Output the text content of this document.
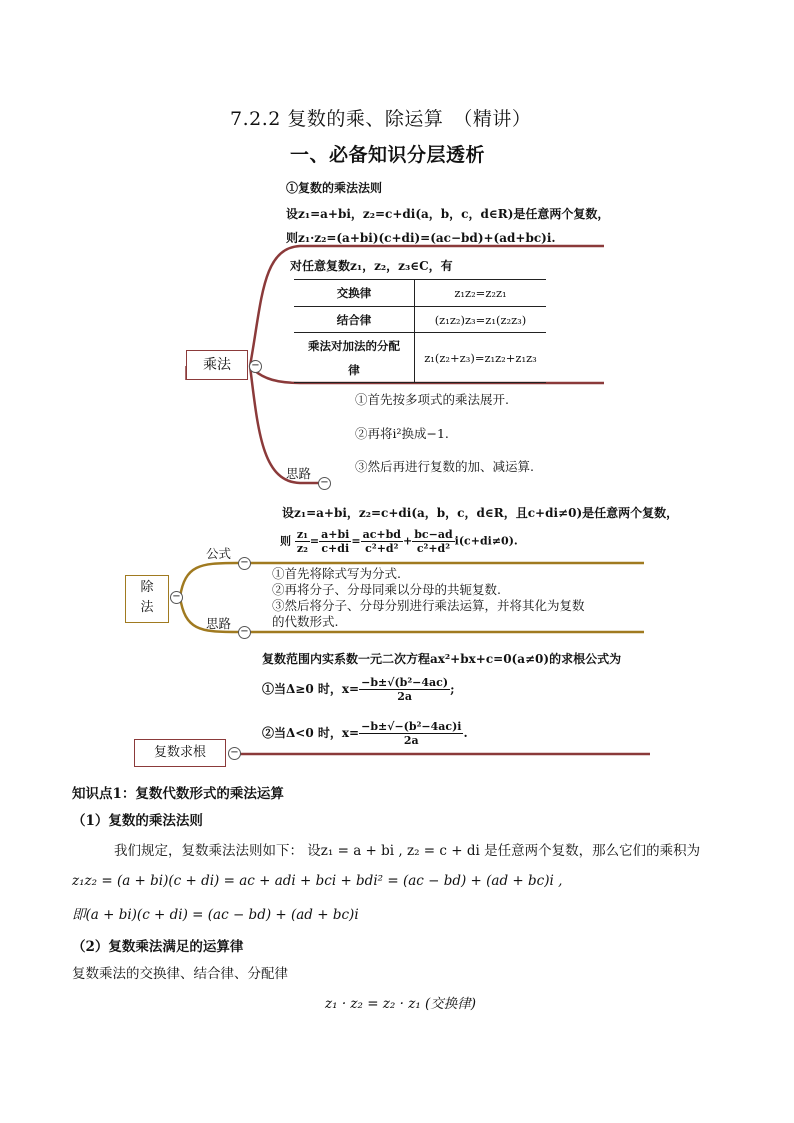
7.2.2 复数的乘、除运算　（精讲）
一、必备知识分层透析
乘法	−
①复数的乘法法则
设z₁=a+bi，z₂=c+di(a，b，c，d∈R)是任意两个复数，
则z₁·z₂=(a+bi)(c+di)=(ac−bd)+(ad+bc)i.
对任意复数z₁，z₂，z₃∈C，有
交换律	z₁z₂=z₂z₁
结合律	(z₁z₂)z₃=z₁(z₂z₃)

乘法对加法的分配
律	z₁(z₂+z₃)=z₁z₂+z₁z₃
①首先按多项式的乘法展开.
②再将i²换成−1.
③然后再进行复数的加、减运算.
思路
−
设z₁=a+bi，z₂=c+di(a，b，c，d∈R，且c+di≠0)是任意两个复数，
则 $\frac{\text{z₁}}{\text{z₂}} = \frac{a+bi}{c+di} = \frac{ac+bd}{\text{c²+d²}} + \frac{bc-ad}{\text{c²+d²}} i(c+di\ne 0)$.
除
法
−
公式
−
思路
−
①首先将除式写为分式.
②再将分子、分母同乘以分母的共轭复数.
③然后将分子、分母分别进行乘法运算，并将其化为复数
的代数形式.
复数范围内实系数一元二次方程ax²+bx+c=0(a≠0)的求根公式为
①当Δ≥0 时，$x= \frac{\text{−b±√(b²−4ac)}}{2a}$ ;
②当Δ<0 时，$x= \frac{\text{−b±√−(b²−4ac)i}}{2a}$ .
复数求根	−
知识点1：复数代数形式的乘法运算
（1）复数的乘法法则
我们规定，复数乘法法则如下： 设z₁ = a + bi , z₂ = c + di 是任意两个复数，那么它们的乘积为
z₁z₂ = (a + bi)(c + di) = ac + adi + bci + bdi² = (ac − bd) + (ad + bc)i ,
即(a + bi)(c + di) = (ac − bd) + (ad + bc)i
（2）复数乘法满足的运算律
复数乘法的交换律、结合律、分配律
z₁ · z₂ = z₂ · z₁ (交换律)
